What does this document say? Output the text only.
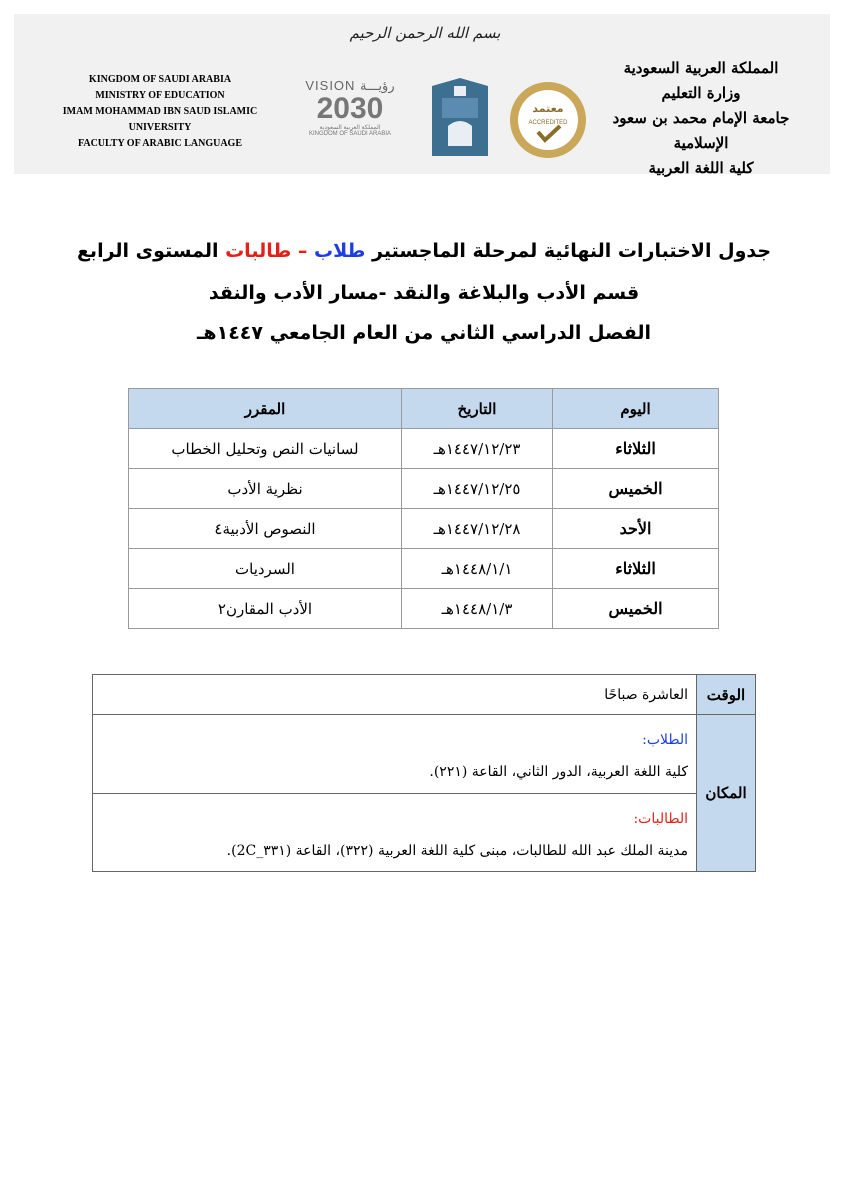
بسم الله الرحمن الرحيم
KINGDOM OF SAUDI ARABIA
MINISTRY OF EDUCATION
IMAM MOHAMMAD IBN SAUD ISLAMIC UNIVERSITY
FACULTY OF ARABIC LANGUAGE
VISION رؤيـــة
2030
المملكة العربية السعودية
KINGDOM OF SAUDI ARABIA
معتمد
ACCREDITED
المملكة العربية السعودية
وزارة التعليم
جامعة الإمام محمد بن سعود الإسلامية
كلية اللغة العربية
جدول الاختبارات النهائية لمرحلة الماجستير طلاب – طالبات المستوى الرابع
قسم الأدب والبلاغة والنقد -مسار الأدب والنقد
الفصل الدراسي الثاني من العام الجامعي ١٤٤٧هـ
اليوم	التاريخ	المقرر
الثلاثاء	١٤٤٧/١٢/٢٣هـ	لسانيات النص وتحليل الخطاب
الخميس	١٤٤٧/١٢/٢٥هـ	نظرية الأدب
الأحد	١٤٤٧/١٢/٢٨هـ	النصوص الأدبية٤
الثلاثاء	١٤٤٨/١/١هـ	السرديات
الخميس	١٤٤٨/١/٣هـ	الأدب المقارن٢
الوقت	العاشرة صباحًا
المكان	الطلاب:
كلية اللغة العربية، الدور الثاني، القاعة (٢٢١).

	الطالبات:
مدينة الملك عبد الله للطالبات، مبنى كلية اللغة العربية (٣٢٢)، القاعة (٣٣١_2C).
